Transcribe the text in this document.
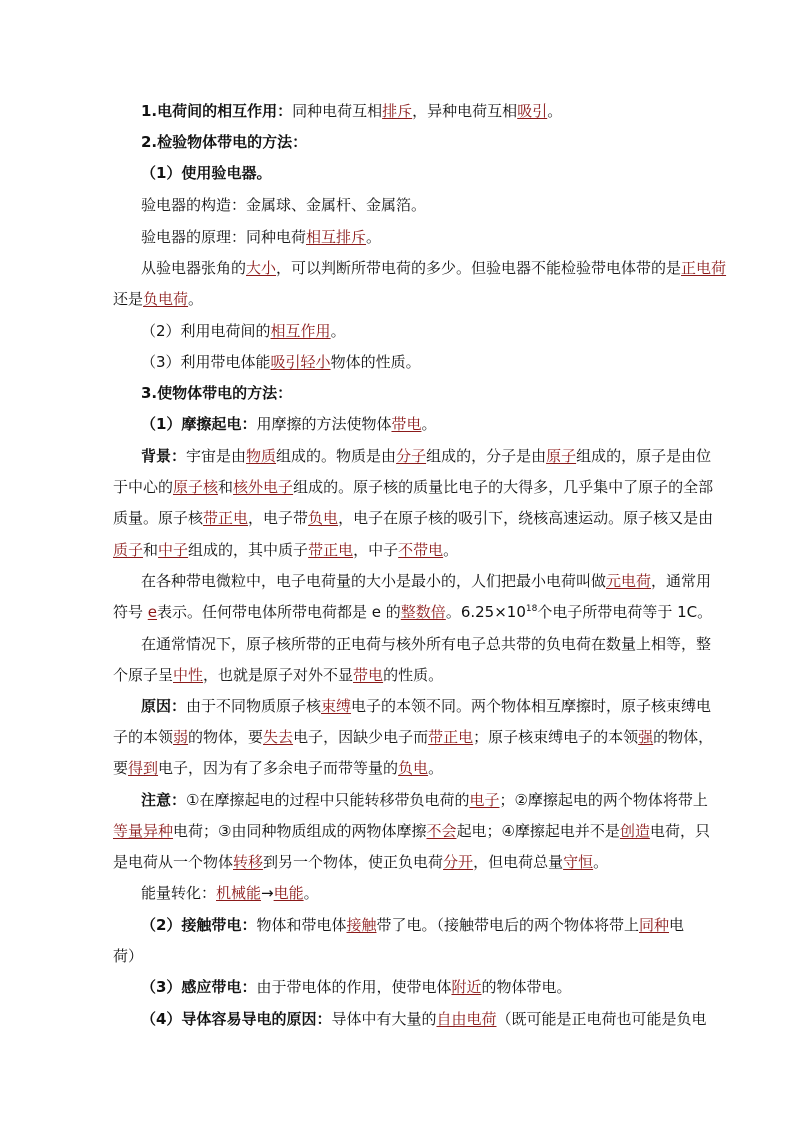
1.电荷间的相互作用：同种电荷互相排斥，异种电荷互相吸引。
2.检验物体带电的方法：
（1）使用验电器。
验电器的构造：金属球、金属杆、金属箔。
验电器的原理：同种电荷相互排斥。
从验电器张角的大小，可以判断所带电荷的多少。但验电器不能检验带电体带的是正电荷
还是负电荷。
（2）利用电荷间的相互作用。
（3）利用带电体能吸引轻小物体的性质。
3.使物体带电的方法：
（1）摩擦起电：用摩擦的方法使物体带电。
背景：宇宙是由物质组成的。物质是由分子组成的，分子是由原子组成的，原子是由位
于中心的原子核和核外电子组成的。原子核的质量比电子的大得多，几乎集中了原子的全部
质量。原子核带正电，电子带负电，电子在原子核的吸引下，绕核高速运动。原子核又是由
质子和中子组成的，其中质子带正电，中子不带电。
在各种带电微粒中，电子电荷量的大小是最小的，人们把最小电荷叫做元电荷，通常用
符号 e表示。任何带电体所带电荷都是 e 的整数倍。$6.25\times 10^{18}$个电子所带电荷等于 1C。
在通常情况下，原子核所带的正电荷与核外所有电子总共带的负电荷在数量上相等，整
个原子呈中性，也就是原子对外不显带电的性质。
原因：由于不同物质原子核束缚电子的本领不同。两个物体相互摩擦时，原子核束缚电
子的本领弱的物体，要失去电子，因缺少电子而带正电；原子核束缚电子的本领强的物体，
要得到电子，因为有了多余电子而带等量的负电。
注意：①在摩擦起电的过程中只能转移带负电荷的电子；②摩擦起电的两个物体将带上
等量异种电荷；③由同种物质组成的两物体摩擦不会起电；④摩擦起电并不是创造电荷，只
是电荷从一个物体转移到另一个物体，使正负电荷分开，但电荷总量守恒。
能量转化：机械能→电能。
（2）接触带电：物体和带电体接触带了电。（接触带电后的两个物体将带上同种电
荷）
（3）感应带电：由于带电体的作用，使带电体附近的物体带电。
（4）导体容易导电的原因：导体中有大量的自由电荷（既可能是正电荷也可能是负电
